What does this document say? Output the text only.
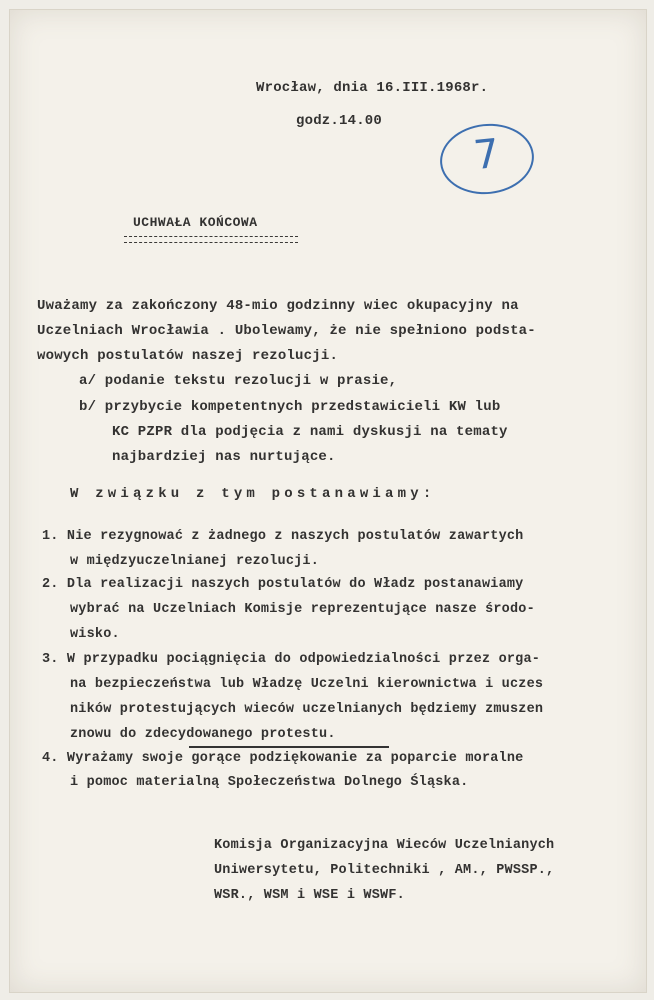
Wrocław, dnia 16.III.1968r.
godz.14.00
7
UCHWAŁA KOŃCOWA
Uważamy za zakończony 48-mio godzinny wiec okupacyjny na
Uczelniach Wrocławia . Ubolewamy, że nie spełniono podsta-
wowych postulatów naszej rezolucji.
a/ podanie tekstu rezolucji w prasie,
b/ przybycie kompetentnych przedstawicieli KW lub
KC PZPR dla podjęcia z nami dyskusji na tematy
najbardziej nas nurtujące.
W związku z tym postanawiamy:
1. Nie rezygnować z żadnego z naszych postulatów zawartych
w międzyuczelnianej rezolucji.
2. Dla realizacji naszych postulatów do Władz postanawiamy
wybrać na Uczelniach Komisje reprezentujące nasze środo-
wisko.
3. W przypadku pociągnięcia do odpowiedzialności przez orga-
na bezpieczeństwa lub Władzę Uczelni kierownictwa i uczes
ników protestujących wieców uczelnianych będziemy zmuszen
znowu do zdecydowanego protestu.
4. Wyrażamy swoje gorące podziękowanie za poparcie moralne
i pomoc materialną Społeczeństwa Dolnego Śląska.
Komisja Organizacyjna Wieców Uczelnianych
Uniwersytetu, Politechniki , AM., PWSSP.,
WSR., WSM i WSE i WSWF.
